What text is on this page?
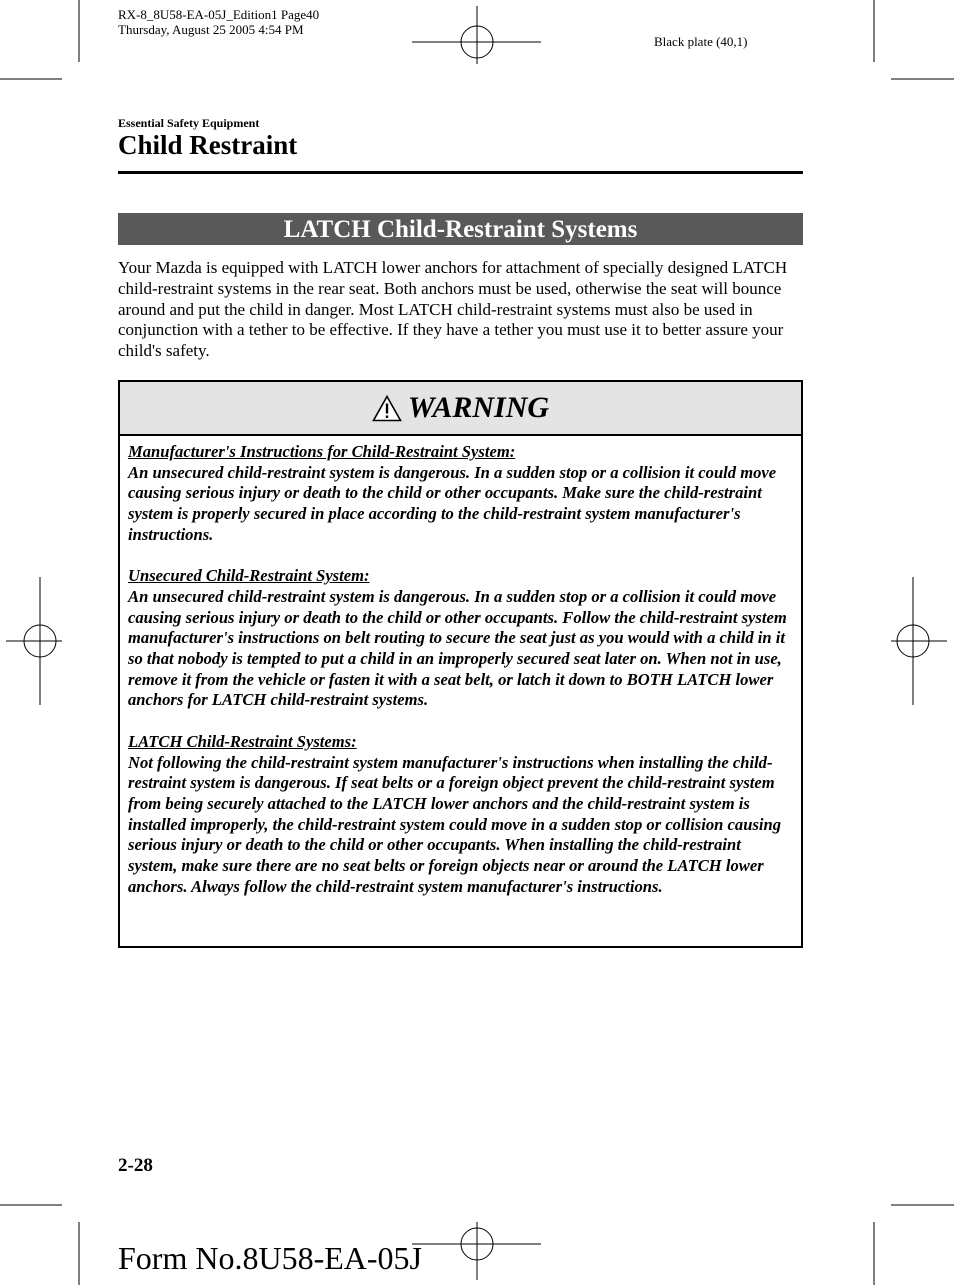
RX-8_8U58-EA-05J_Edition1 Page40
Thursday, August 25 2005 4:54 PM
Black plate (40,1)
Essential Safety Equipment
Child Restraint
LATCH Child-Restraint Systems
Your Mazda is equipped with LATCH lower anchors for attachment of specially designed LATCH child-restraint systems in the rear seat. Both anchors must be used, otherwise the seat will bounce around and put the child in danger. Most LATCH child-restraint systems must also be used in conjunction with a tether to be effective. If they have a tether you must use it to better assure your child's safety.
WARNING
Manufacturer's Instructions for Child-Restraint System:
An unsecured child-restraint system is dangerous. In a sudden stop or a collision it could move causing serious injury or death to the child or other occupants. Make sure the child-restraint system is properly secured in place according to the child-restraint system manufacturer's instructions.
Unsecured Child-Restraint System:
An unsecured child-restraint system is dangerous. In a sudden stop or a collision it could move causing serious injury or death to the child or other occupants. Follow the child-restraint system manufacturer's instructions on belt routing to secure the seat just as you would with a child in it so that nobody is tempted to put a child in an improperly secured seat later on. When not in use, remove it from the vehicle or fasten it with a seat belt, or latch it down to BOTH LATCH lower anchors for LATCH child-restraint systems.
LATCH Child-Restraint Systems:
Not following the child-restraint system manufacturer's instructions when installing the child-restraint system is dangerous. If seat belts or a foreign object prevent the child-restraint system from being securely attached to the LATCH lower anchors and the child-restraint system is installed improperly, the child-restraint system could move in a sudden stop or collision causing serious injury or death to the child or other occupants. When installing the child-restraint system, make sure there are no seat belts or foreign objects near or around the LATCH lower anchors. Always follow the child-restraint system manufacturer's instructions.
2-28
Form No.8U58-EA-05J
